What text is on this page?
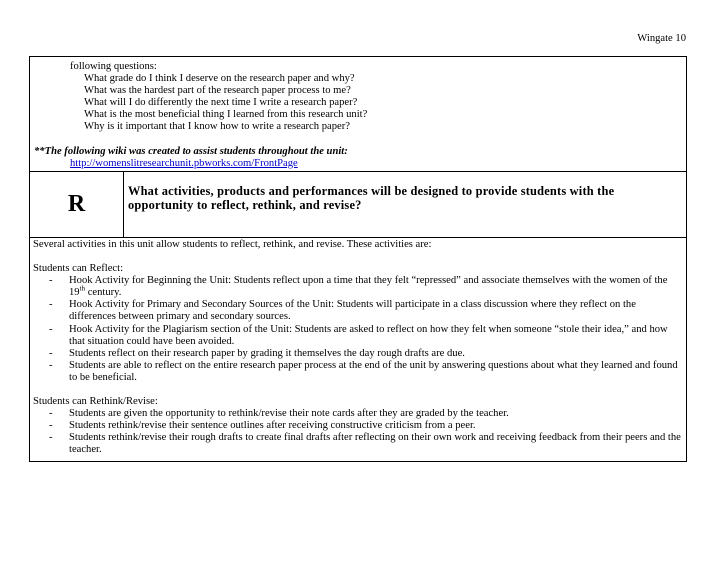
Wingate 10
following questions:
What grade do I think I deserve on the research paper and why?
What was the hardest part of the research paper process to me?
What will I do differently the next time I write a research paper?
What is the most beneficial thing I learned from this research unit?
Why is it important that I know how to write a research paper?
**The following wiki was created to assist students throughout the unit:
http://womenslitresearchunit.pbworks.com/FrontPage
R
What activities, products and performances will be designed to provide students with the opportunity to reflect, rethink, and revise?
Several activities in this unit allow students to reflect, rethink, and revise. These activities are:
Students can Reflect:
- Hook Activity for Beginning the Unit: Students reflect upon a time that they felt “repressed” and associate themselves with the women of the 19th century.
- Hook Activity for Primary and Secondary Sources of the Unit: Students will participate in a class discussion where they reflect on the differences between primary and secondary sources.
- Hook Activity for the Plagiarism section of the Unit: Students are asked to reflect on how they felt when someone “stole their idea,” and how that situation could have been avoided.
- Students reflect on their research paper by grading it themselves the day rough drafts are due.
- Students are able to reflect on the entire research paper process at the end of the unit by answering questions about what they learned and found to be beneficial.
Students can Rethink/Revise:
- Students are given the opportunity to rethink/revise their note cards after they are graded by the teacher.
- Students rethink/revise their sentence outlines after receiving constructive criticism from a peer.
- Students rethink/revise their rough drafts to create final drafts after reflecting on their own work and receiving feedback from their peers and the teacher.
